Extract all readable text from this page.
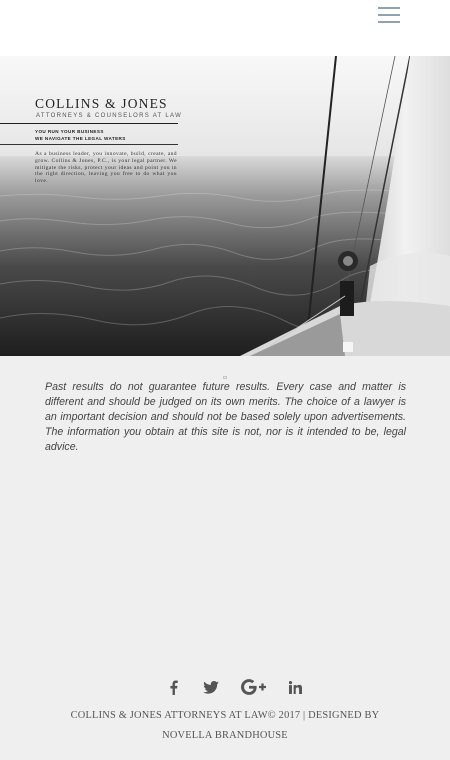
COLLINS & JONES
ATTORNEYS & COUNSELORS AT LAW
YOU RUN YOUR BUSINESS
WE NAVIGATE THE LEGAL WATERS
As a business leader, you innovate, build, create, and grow. Collins & Jones, P.C., is your legal partner. We mitigate the risks, protect your ideas and point you in the right direction, leaving you free to do what you love.

Past results do not guarantee future results. Every case and matter is different and should be judged on its own merits. The choice of a lawyer is an important decision and should not be based solely upon advertisements. The information you obtain at this site is not, nor is it intended to be, legal advice.

COLLINS & JONES ATTORNEYS AT LAW© 2017 | DESIGNED BY
NOVELLA BRANDHOUSE
